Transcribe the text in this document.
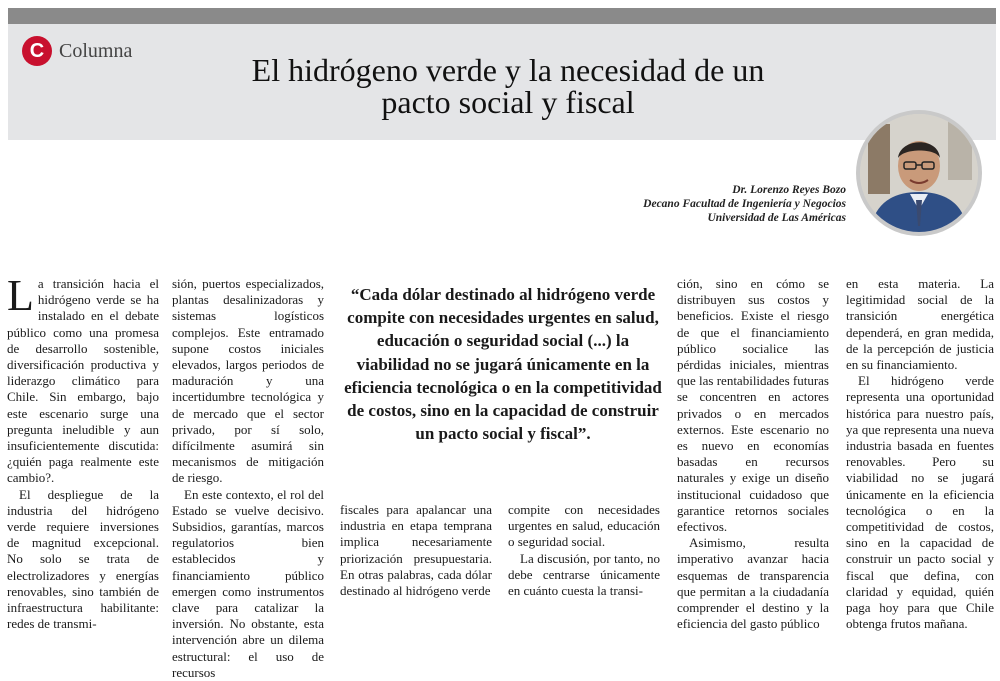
C Columna
El hidrógeno verde y la necesidad de un
pacto social y fiscal
Dr. Lorenzo Reyes Bozo
Decano Facultad de Ingeniería y Negocios
Universidad de Las Américas

La transición hacia el hidrógeno verde se ha instalado en el debate público como una promesa de desarrollo sostenible, diversificación productiva y liderazgo climático para Chile. Sin embargo, bajo este escenario surge una pregunta ineludible y aun insuficientemente discutida: ¿quién paga realmente este cambio?.

El despliegue de la industria del hidrógeno verde requiere inversiones de magnitud excepcional. No solo se trata de electrolizadores y energías renovables, sino también de infraestructura habilitante: redes de transmi-

sión, puertos especializados, plantas desalinizadoras y sistemas logísticos complejos. Este entramado supone costos iniciales elevados, largos periodos de maduración y una incertidumbre tecnológica y de mercado que el sector privado, por sí solo, difícilmente asumirá sin mecanismos de mitigación de riesgo.

En este contexto, el rol del Estado se vuelve decisivo. Subsidios, garantías, marcos regulatorios bien establecidos y financiamiento público emergen como instrumentos clave para catalizar la inversión. No obstante, esta intervención abre un dilema estructural: el uso de recursos

“Cada dólar destinado al hidrógeno verde compite con necesidades urgentes en salud, educación o seguridad social (...) la viabilidad no se jugará únicamente en la eficiencia tecnológica o en la competitividad de costos, sino en la capacidad de construir un pacto social y fiscal”.

fiscales para apalancar una industria en etapa temprana implica necesariamente priorización presupuestaria. En otras palabras, cada dólar destinado al hidrógeno verde

compite con necesidades urgentes en salud, educación o seguridad social.

La discusión, por tanto, no debe centrarse únicamente en cuánto cuesta la transi-

ción, sino en cómo se distribuyen sus costos y beneficios. Existe el riesgo de que el financiamiento público socialice las pérdidas iniciales, mientras que las rentabilidades futuras se concentren en actores privados o en mercados externos. Este escenario no es nuevo en economías basadas en recursos naturales y exige un diseño institucional cuidadoso que garantice retornos sociales efectivos.

Asimismo, resulta imperativo avanzar hacia esquemas de transparencia que permitan a la ciudadanía comprender el destino y la eficiencia del gasto público

en esta materia. La legitimidad social de la transición energética dependerá, en gran medida, de la percepción de justicia en su financiamiento.

El hidrógeno verde representa una oportunidad histórica para nuestro país, ya que representa una nueva industria basada en fuentes renovables. Pero su viabilidad no se jugará únicamente en la eficiencia tecnológica o en la competitividad de costos, sino en la capacidad de construir un pacto social y fiscal que defina, con claridad y equidad, quién paga hoy para que Chile obtenga frutos mañana.
